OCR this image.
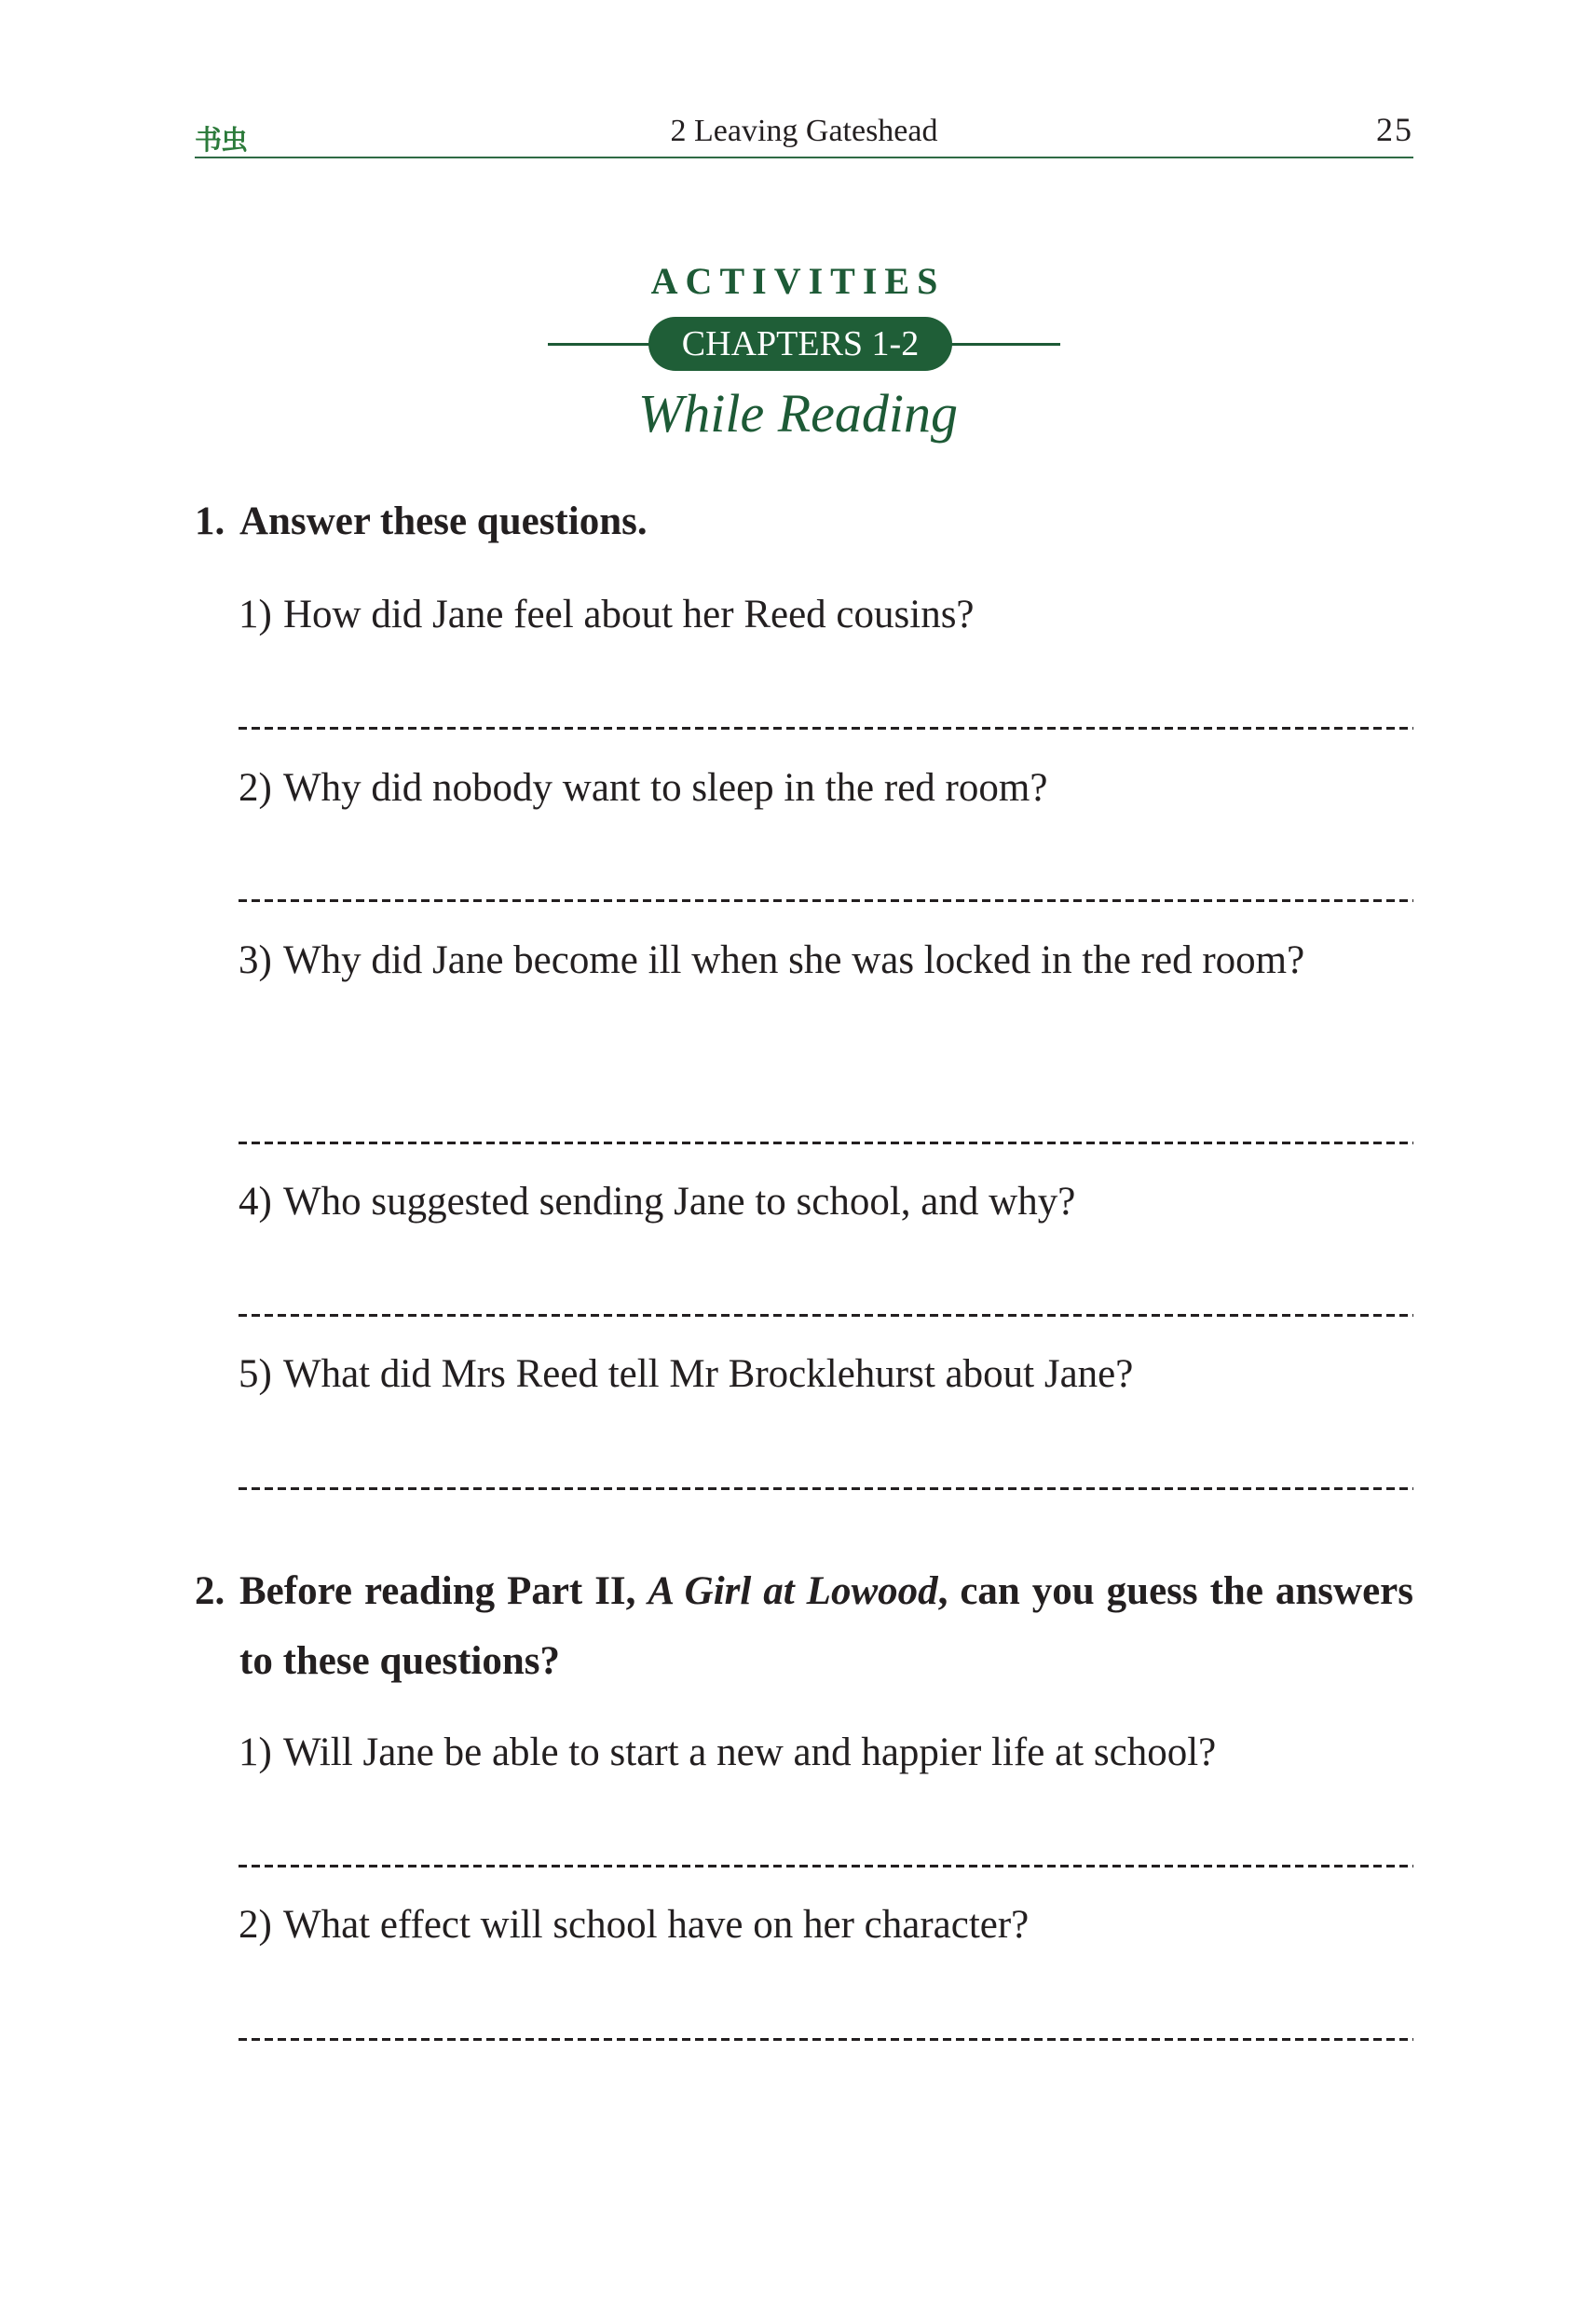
书虫	2 Leaving Gateshead	25
ACTIVITIES
CHAPTERS 1-2
While Reading
1. Answer these questions.
1) How did Jane feel about her Reed cousins?
2) Why did nobody want to sleep in the red room?
3) Why did Jane become ill when she was locked in the red room?
4) Who suggested sending Jane to school, and why?
5) What did Mrs Reed tell Mr Brocklehurst about Jane?
2. Before reading Part II, A Girl at Lowood, can you guess the answers to these questions?
1) Will Jane be able to start a new and happier life at school?
2) What effect will school have on her character?
